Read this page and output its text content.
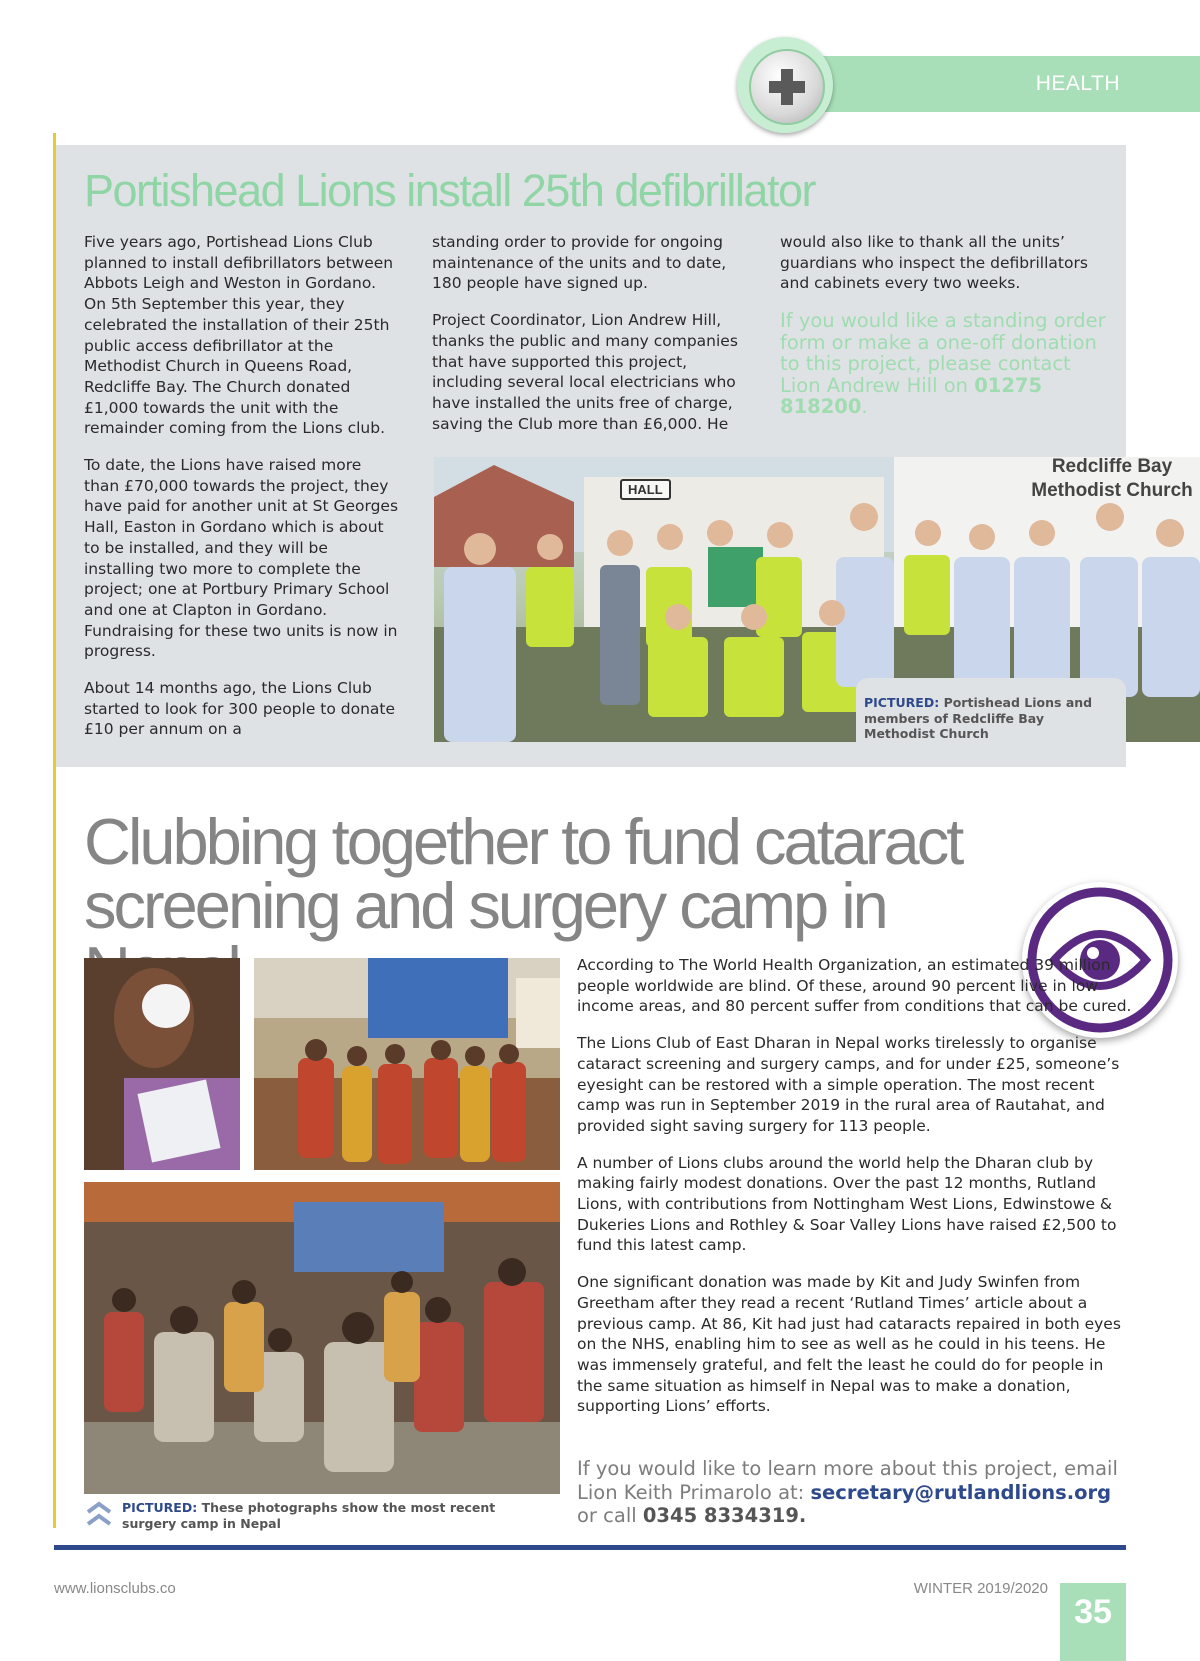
HEALTH
Portishead Lions install 25th defibrillator

Five years ago, Portishead Lions Club planned to install defibrillators between Abbots Leigh and Weston in Gordano. On 5th September this year, they celebrated the installation of their 25th public access defibrillator at the Methodist Church in Queens Road, Redcliffe Bay. The Church donated £1,000 towards the unit with the remainder coming from the Lions club.

To date, the Lions have raised more than £70,000 towards the project, they have paid for another unit at St Georges Hall, Easton in Gordano which is about to be installed, and they will be installing two more to complete the project; one at Portbury Primary School and one at Clapton in Gordano. Fundraising for these two units is now in progress.

About 14 months ago, the Lions Club started to look for 300 people to donate £10 per annum on a

standing order to provide for ongoing maintenance of the units and to date, 180 people have signed up.

Project Coordinator, Lion Andrew Hill, thanks the public and many companies that have supported this project, including several local electricians who have installed the units free of charge, saving the Club more than £6,000. He

would also like to thank all the units’ guardians who inspect the defibrillators and cabinets every two weeks.

If you would like a standing order form or make a one-off donation to this project, please contact Lion Andrew Hill on 01275 818200.

HALL
Redcliffe Bay Methodist Church
PICTURED: Portishead Lions and members of Redcliffe Bay Methodist Church
Clubbing together to fund cataract screening and surgery camp in
PICTURED: These photographs show the most recent surgery camp in Nepal

According to The World Health Organization, an estimated 39 million people worldwide are blind. Of these, around 90 percent live in low income areas, and 80 percent suffer from conditions that can be cured.

The Lions Club of East Dharan in Nepal works tirelessly to organise cataract screening and surgery camps, and for under £25, someone’s eyesight can be restored with a simple operation. The most recent camp was run in September 2019 in the rural area of Rautahat, and provided sight saving surgery for 113 people.

A number of Lions clubs around the world help the Dharan club by making fairly modest donations. Over the past 12 months, Rutland Lions, with contributions from Nottingham West Lions, Edwinstowe & Dukeries Lions and Rothley & Soar Valley Lions have raised £2,500 to fund this latest camp.

One significant donation was made by Kit and Judy Swinfen from Greetham after they read a recent ‘Rutland Times’ article about a previous camp. At 86, Kit had just had cataracts repaired in both eyes on the NHS, enabling him to see as well as he could in his teens. He was immensely grateful, and felt the least he could do for people in the same situation as himself in Nepal was to make a donation, supporting Lions’ efforts.

If you would like to learn more about this project, email Lion Keith Primarolo at: secretary@rutlandlions.org
or call 0345 8334319.
www.lionsclubs.co	WINTER 2019/2020
35
